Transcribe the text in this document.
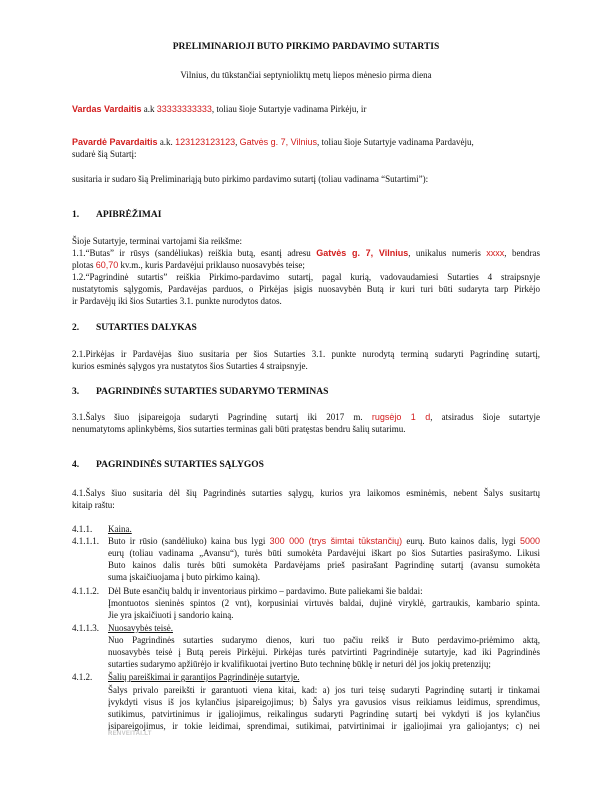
PRELIMINARIOJI BUTO PIRKIMO PARDAVIMO SUTARTIS

Vilnius, du tūkstančiai septynioliktų metų liepos mėnesio pirma diena

Vardas Vardaitis a.k 33333333333, toliau šioje Sutartyje vadinama Pirkėju, ir

Pavardė Pavardaitis a.k. 123123123123, Gatvės g. 7, Vilnius, toliau šioje Sutartyje vadinama Pardavėju,

sudarė šią Sutartį:

susitaria ir sudaro šią Preliminariąją buto pirkimo pardavimo sutartį (toliau vadinama “Sutartimi”):

1. APIBRĖŽIMAI

Šioje Sutartyje, terminai vartojami šia reikšme:

1.1.“Butas” ir rūsys (sandėliukas) reiškia butą, esantį adresu Gatvės g. 7, Vilnius, unikalus numeris xxxx, bendras

plotas 60,70 kv.m., kuris Pardavėjui priklauso nuosavybės teise;

1.2.“Pagrindinė sutartis” reiškia Pirkimo-pardavimo sutartį, pagal kurią, vadovaudamiesi Sutarties 4 straipsnyje

nustatytomis sąlygomis, Pardavėjas parduos, o Pirkėjas įsigis nuosavybėn Butą ir kuri turi būti sudaryta tarp Pirkėjo

ir Pardavėjų iki šios Sutarties 3.1. punkte nurodytos datos.

2. SUTARTIES DALYKAS

2.1.Pirkėjas ir Pardavėjas šiuo susitaria per šios Sutarties 3.1. punkte nurodytą terminą sudaryti Pagrindinę sutartį,

kurios esminės sąlygos yra nustatytos šios Sutarties 4 straipsnyje.

3. PAGRINDINĖS SUTARTIES SUDARYMO TERMINAS

3.1.Šalys šiuo įsipareigoja sudaryti Pagrindinę sutartį iki 2017 m. rugsėjo 1 d, atsiradus šioje sutartyje

nenumatytoms aplinkybėms, šios sutarties terminas gali būti pratęstas bendru šalių sutarimu.

4. PAGRINDINĖS SUTARTIES SĄLYGOS

4.1.Šalys šiuo susitaria dėl šių Pagrindinės sutarties sąlygų, kurios yra laikomos esminėmis, nebent Šalys susitartų

kitaip raštu:

4.1.1. Kaina.

4.1.1.1. Buto ir rūsio (sandėliuko) kaina bus lygi 300 000 (trys šimtai tūkstančių) eurų. Buto kainos dalis, lygi 5000

eurų (toliau vadinama „Avansu“), turės būti sumokėta Pardavėjui iškart po šios Sutarties pasirašymo. Likusi

Buto kainos dalis turės būti sumokėta Pardavėjams prieš pasirašant Pagrindinę sutartį (avansu sumokėta

suma įskaičiuojama į buto pirkimo kainą).

4.1.1.2. Dėl Bute esančių baldų ir inventoriaus pirkimo – pardavimo. Bute paliekami šie baldai:

Įmontuotos sieninės spintos (2 vnt), korpusiniai virtuvės baldai, dujinė viryklė, gartraukis, kambario spinta.

Jie yra įskaičiuoti į sandorio kainą.

4.1.1.3. Nuosavybės teisė.

Nuo Pagrindinės sutarties sudarymo dienos, kuri tuo pačiu reikš ir Buto perdavimo-priėmimo aktą,

nuosavybės teisė į Butą pereis Pirkėjui. Pirkėjas turės patvirtinti Pagrindinėje sutartyje, kad iki Pagrindinės

sutarties sudarymo apžiūrėjo ir kvalifikuotai įvertino Buto techninę būklę ir neturi dėl jos jokių pretenzijų;

4.1.2. Šalių pareiškimai ir garantijos Pagrindinėje sutartyje.

Šalys privalo pareikšti ir garantuoti viena kitai, kad: a) jos turi teisę sudaryti Pagrindinę sutartį ir tinkamai

įvykdyti visus iš jos kylančius įsipareigojimus; b) Šalys yra gavusios visus reikiamus leidimus, sprendimus,

sutikimus, patvirtinimus ir įgaliojimus, reikalingus sudaryti Pagrindinę sutartį bei vykdyti iš jos kylančius

įsipareigojimus, ir tokie leidimai, sprendimai, sutikimai, patvirtinimai ir įgaliojimai yra galiojantys; c) nei

RENVEITAI.LT
